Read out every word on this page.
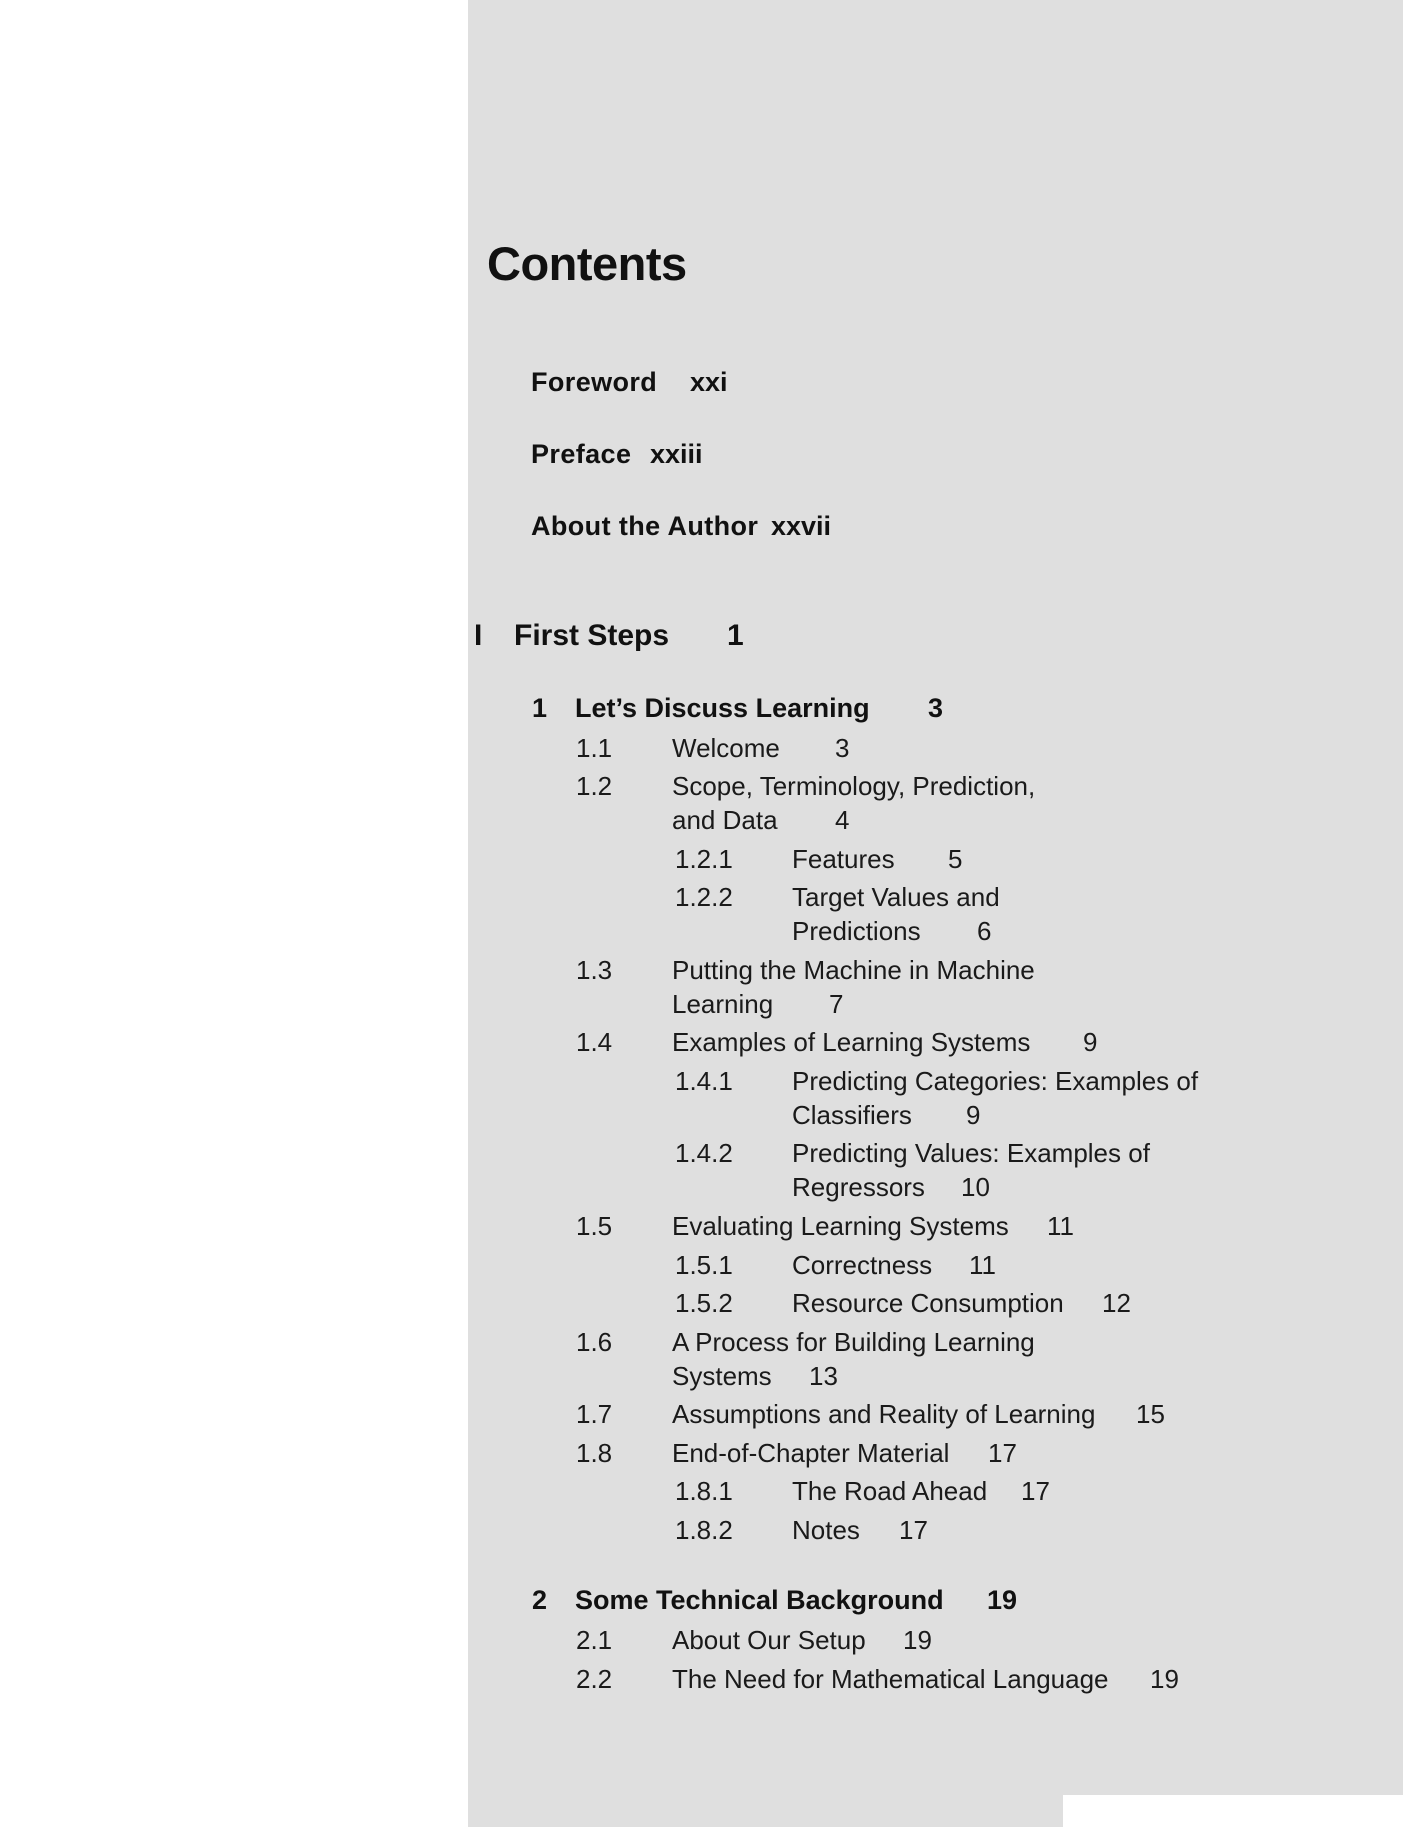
Contents
Foreword xxi
Preface xxiii
About the Author xxvii
I First Steps 1
1 Let’s Discuss Learning 3
1.1 Welcome 3
1.2 Scope, Terminology, Prediction,
and Data 4
1.2.1 Features 5
1.2.2 Target Values and
Predictions 6
1.3 Putting the Machine in Machine
Learning 7
1.4 Examples of Learning Systems 9
1.4.1 Predicting Categories: Examples of
Classifiers 9
1.4.2 Predicting Values: Examples of
Regressors 10
1.5 Evaluating Learning Systems 11
1.5.1 Correctness 11
1.5.2 Resource Consumption 12
1.6 A Process for Building Learning
Systems 13
1.7 Assumptions and Reality of Learning 15
1.8 End-of-Chapter Material 17
1.8.1 The Road Ahead 17
1.8.2 Notes 17
2 Some Technical Background 19
2.1 About Our Setup 19
2.2 The Need for Mathematical Language 19
